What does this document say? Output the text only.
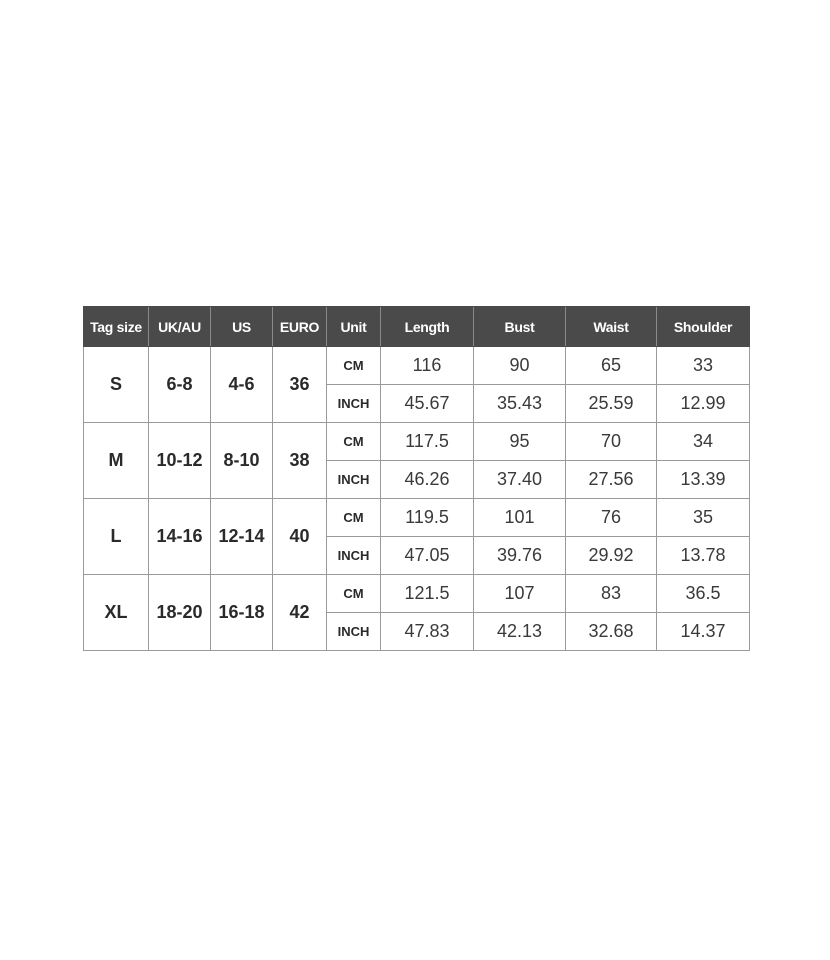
Tag size	UK/AU	US	EURO	Unit	Length	Bust	Waist	Shoulder
S	6-8	4-6	36	CM	116	90	65	33
				INCH	45.67	35.43	25.59	12.99
M	10-12	8-10	38	CM	117.5	95	70	34
				INCH	46.26	37.40	27.56	13.39
L	14-16	12-14	40	CM	119.5	101	76	35
				INCH	47.05	39.76	29.92	13.78
XL	18-20	16-18	42	CM	121.5	107	83	36.5
				INCH	47.83	42.13	32.68	14.37
